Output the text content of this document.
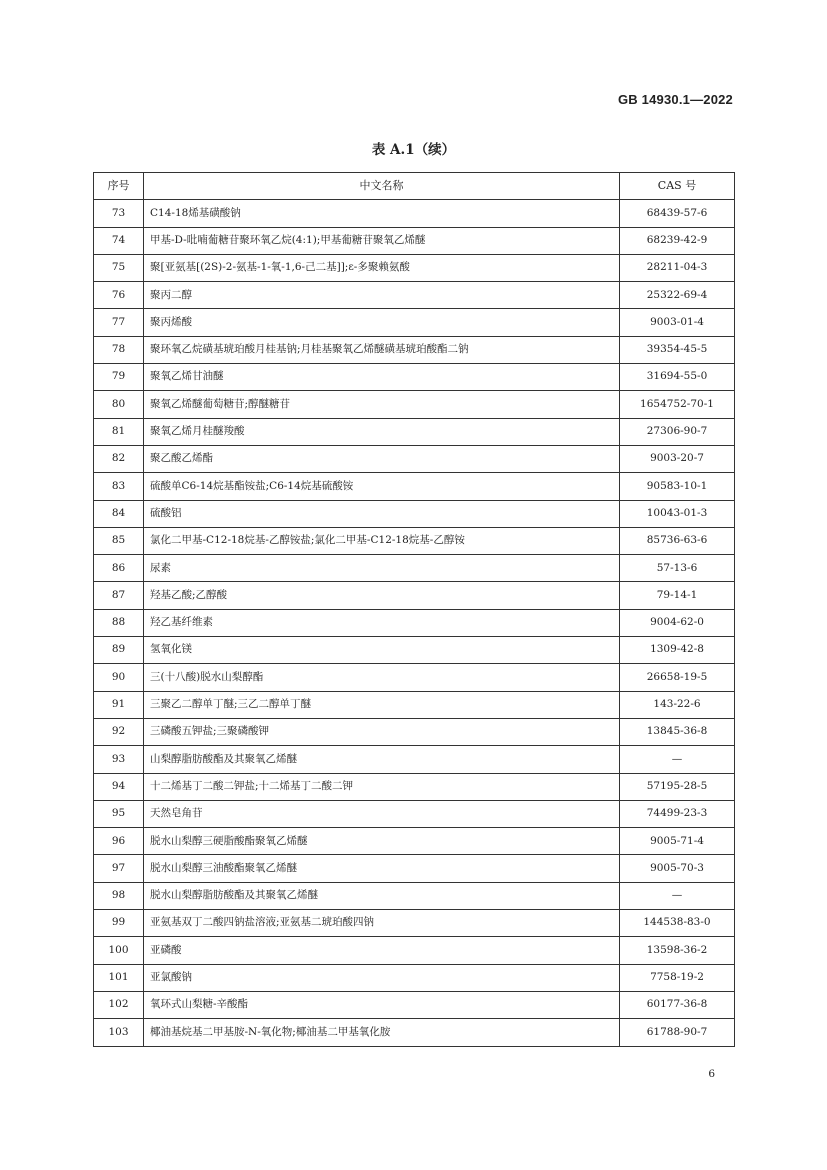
GB 14930.1—2022
表 A.1（续）
序号	中文名称	CAS 号
73	C14-18烯基磺酸钠	68439-57-6
74	甲基-D-吡喃葡糖苷聚环氧乙烷(4:1);甲基葡糖苷聚氧乙烯醚	68239-42-9
75	聚[亚氨基[(2S)-2-氨基-1-氧-1,6-己二基]];ε-多聚赖氨酸	28211-04-3
76	聚丙二醇	25322-69-4
77	聚丙烯酸	9003-01-4
78	聚环氧乙烷磺基琥珀酸月桂基钠;月桂基聚氧乙烯醚磺基琥珀酸酯二钠	39354-45-5
79	聚氧乙烯甘油醚	31694-55-0
80	聚氧乙烯醚葡萄糖苷;醇醚糖苷	1654752-70-1
81	聚氧乙烯月桂醚羧酸	27306-90-7
82	聚乙酸乙烯酯	9003-20-7
83	硫酸单C6-14烷基酯铵盐;C6-14烷基硫酸铵	90583-10-1
84	硫酸铝	10043-01-3
85	氯化二甲基-C12-18烷基-乙醇铵盐;氯化二甲基-C12-18烷基-乙醇铵	85736-63-6
86	尿素	57-13-6
87	羟基乙酸;乙醇酸	79-14-1
88	羟乙基纤维素	9004-62-0
89	氢氧化镁	1309-42-8
90	三(十八酸)脱水山梨醇酯	26658-19-5
91	三聚乙二醇单丁醚;三乙二醇单丁醚	143-22-6
92	三磷酸五钾盐;三聚磷酸钾	13845-36-8
93	山梨醇脂肪酸酯及其聚氧乙烯醚	—
94	十二烯基丁二酸二钾盐;十二烯基丁二酸二钾	57195-28-5
95	天然皂角苷	74499-23-3
96	脱水山梨醇三硬脂酸酯聚氧乙烯醚	9005-71-4
97	脱水山梨醇三油酸酯聚氧乙烯醚	9005-70-3
98	脱水山梨醇脂肪酸酯及其聚氧乙烯醚	—
99	亚氨基双丁二酸四钠盐溶液;亚氨基二琥珀酸四钠	144538-83-0
100	亚磷酸	13598-36-2
101	亚氯酸钠	7758-19-2
102	氧环式山梨糖-辛酸酯	60177-36-8
103	椰油基烷基二甲基胺-N-氧化物;椰油基二甲基氧化胺	61788-90-7
6
